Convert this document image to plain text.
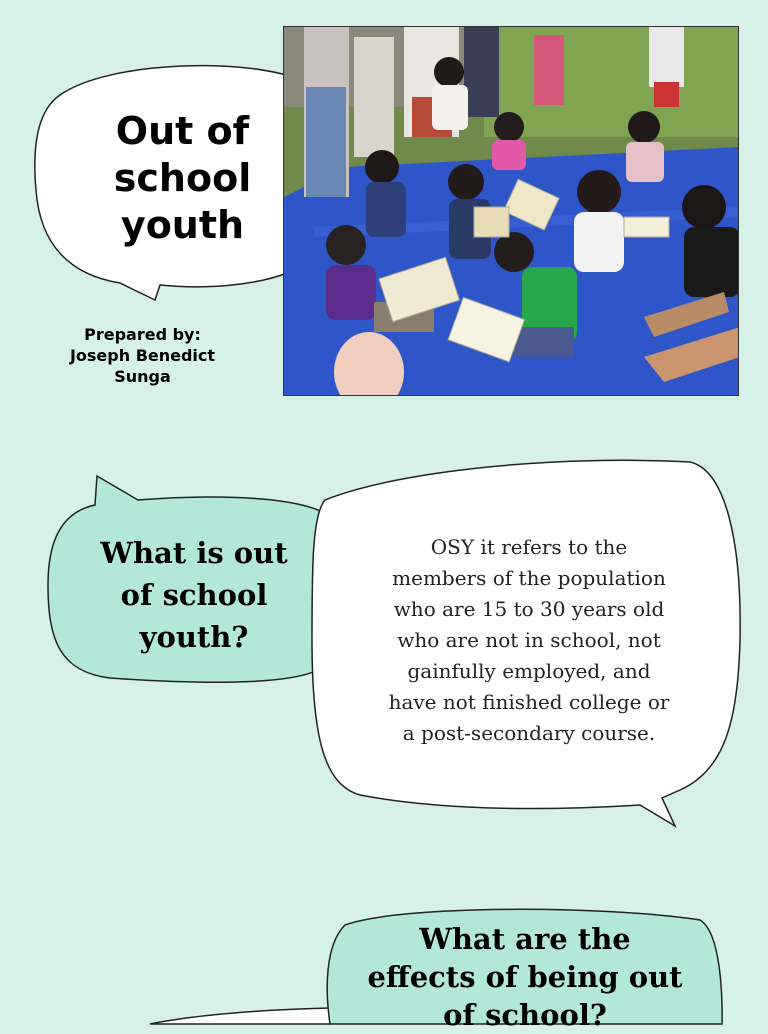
Out of
school
youth
Prepared by:
Joseph Benedict
Sunga
What is out
of school
youth?
OSY it refers to the
members of the population
who are 15 to 30 years old
who are not in school, not
gainfully employed, and
have not finished college or
a post-secondary course.
What are the
effects of being out
of school?
